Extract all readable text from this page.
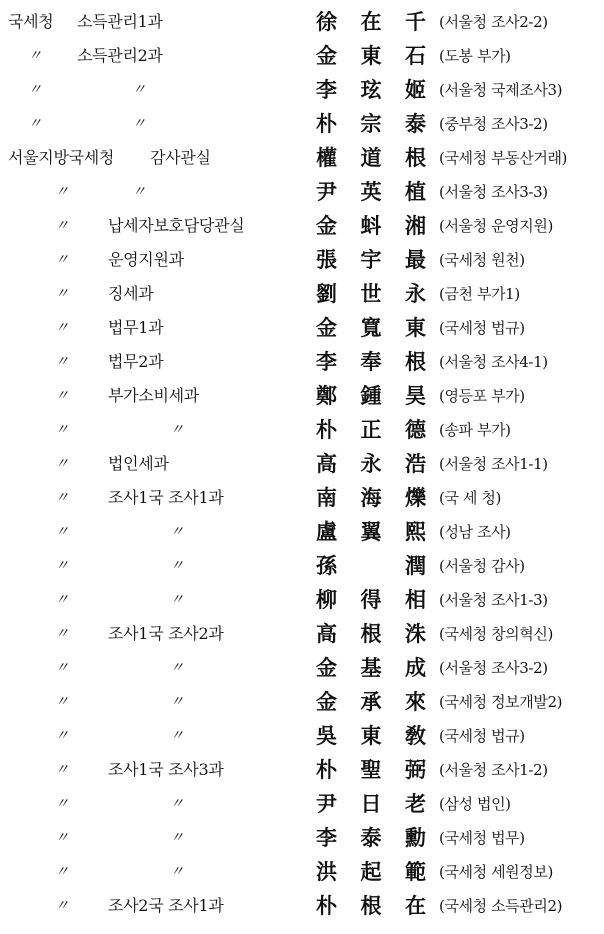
국세청 소득관리1과	徐 在 千 (서울청 조사2-2)
〃 소득관리2과	金 東 石 (도봉 부가)
〃	〃	李 玹 姬 (서울청 국제조사3)
〃	〃	朴 宗 泰 (중부청 조사3-2)
서울지방국세청 감사관실	權 道 根 (국세청 부동산거래)
〃	〃	尹 英 植 (서울청 조사3-3)
〃 납세자보호담당관실	金 蚪 湘 (서울청 운영지원)
〃 운영지원과	張 宇 最 (국세청 원천)
〃 징세과	劉 世 永 (금천 부가1)
〃 법무1과	金 寬 東 (국세청 법규)
〃 법무2과	李 奉 根 (서울청 조사4-1)
〃 부가소비세과	鄭 鍾 昊 (영등포 부가)
〃	〃	朴 正 德 (송파 부가)
〃 법인세과	高 永 浩 (서울청 조사1-1)
〃 조사1국 조사1과	南 海 爍 (국 세 청)
〃	〃	盧 翼 熙 (성남 조사)
〃	〃	孫	潤 (서울청 감사)
〃	〃	柳 得 相 (서울청 조사1-3)
〃 조사1국 조사2과	高 根 洙 (국세청 창의혁신)
〃	〃	金 基 成 (서울청 조사3-2)
〃	〃	金 承 來 (국세청 정보개발2)
〃	〃	吳 東 敎 (국세청 법규)
〃 조사1국 조사3과	朴 聖 弼 (서울청 조사1-2)
〃	〃	尹 日 老 (삼성 법인)
〃	〃	李 泰 勳 (국세청 법무)
〃	〃	洪 起 範 (국세청 세원정보)
〃 조사2국 조사1과	朴 根 在 (국세청 소득관리2)
